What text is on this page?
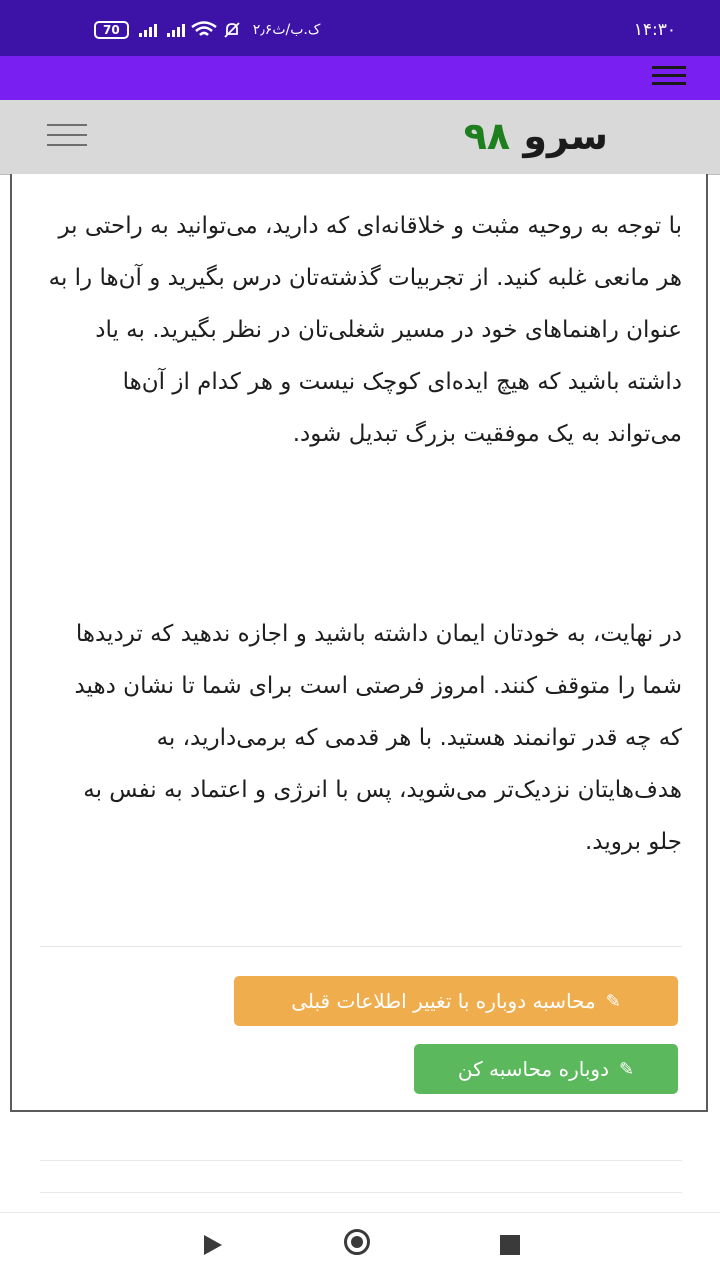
70	۲٫۶ک.ب/ث	۱۴:۳۰
سرو ۹۸

با توجه به روحیه مثبت و خلاقانه‌ای که دارید، می‌توانید به راحتی بر هر مانعی غلبه کنید. از تجربیات گذشته‌تان درس بگیرید و آن‌ها را به عنوان راهنماهای خود در مسیر شغلی‌تان در نظر بگیرید. به یاد داشته باشید که هیچ ایده‌ای کوچک نیست و هر کدام از آن‌ها می‌تواند به یک موفقیت بزرگ تبدیل شود.

در نهایت، به خودتان ایمان داشته باشید و اجازه ندهید که تردیدها شما را متوقف کنند. امروز فرصتی است برای شما تا نشان دهید که چه قدر توانمند هستید. با هر قدمی که برمی‌دارید، به هدف‌هایتان نزدیک‌تر می‌شوید، پس با انرژی و اعتماد به نفس به جلو بروید.

✎
محاسبه دوباره با تغییر اطلاعات قبلی
✎
دوباره محاسبه کن
